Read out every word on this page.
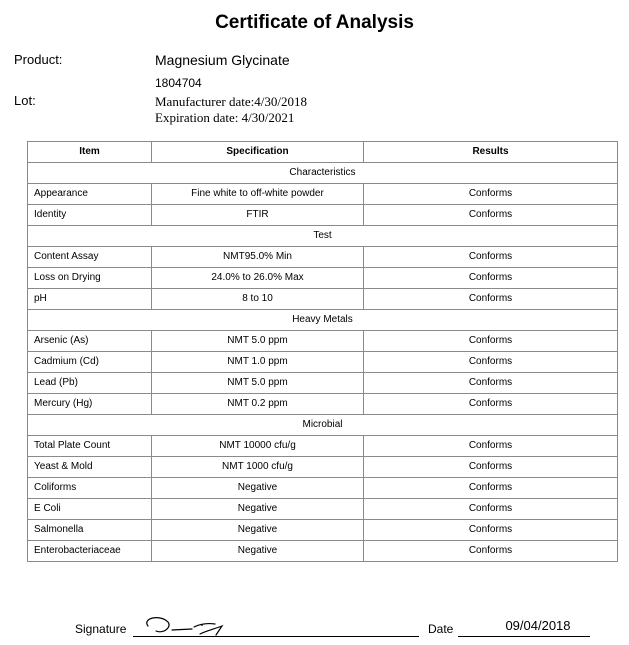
Certificate of Analysis
Product:	Magnesium Glycinate
Lot:
1804704
Manufacturer date:4/30/2018
Expiration date: 4/30/2021
Item	Specification	Results
Characteristics		
Appearance	Fine white to off-white powder	Conforms
Identity	FTIR	Conforms
Test		
Content Assay	NMT95.0% Min	Conforms
Loss on Drying	24.0% to 26.0% Max	Conforms
pH	8 to 10	Conforms
Heavy Metals		
Arsenic (As)	NMT 5.0 ppm	Conforms
Cadmium (Cd)	NMT 1.0 ppm	Conforms
Lead (Pb)	NMT 5.0 ppm	Conforms
Mercury (Hg)	NMT 0.2 ppm	Conforms
Microbial		
Total Plate Count	NMT 10000 cfu/g	Conforms
Yeast & Mold	NMT 1000 cfu/g	Conforms
Coliforms	Negative	Conforms
E Coli	Negative	Conforms
Salmonella	Negative	Conforms
Enterobacteriaceae	Negative	Conforms
Signature	Date	09/04/2018
